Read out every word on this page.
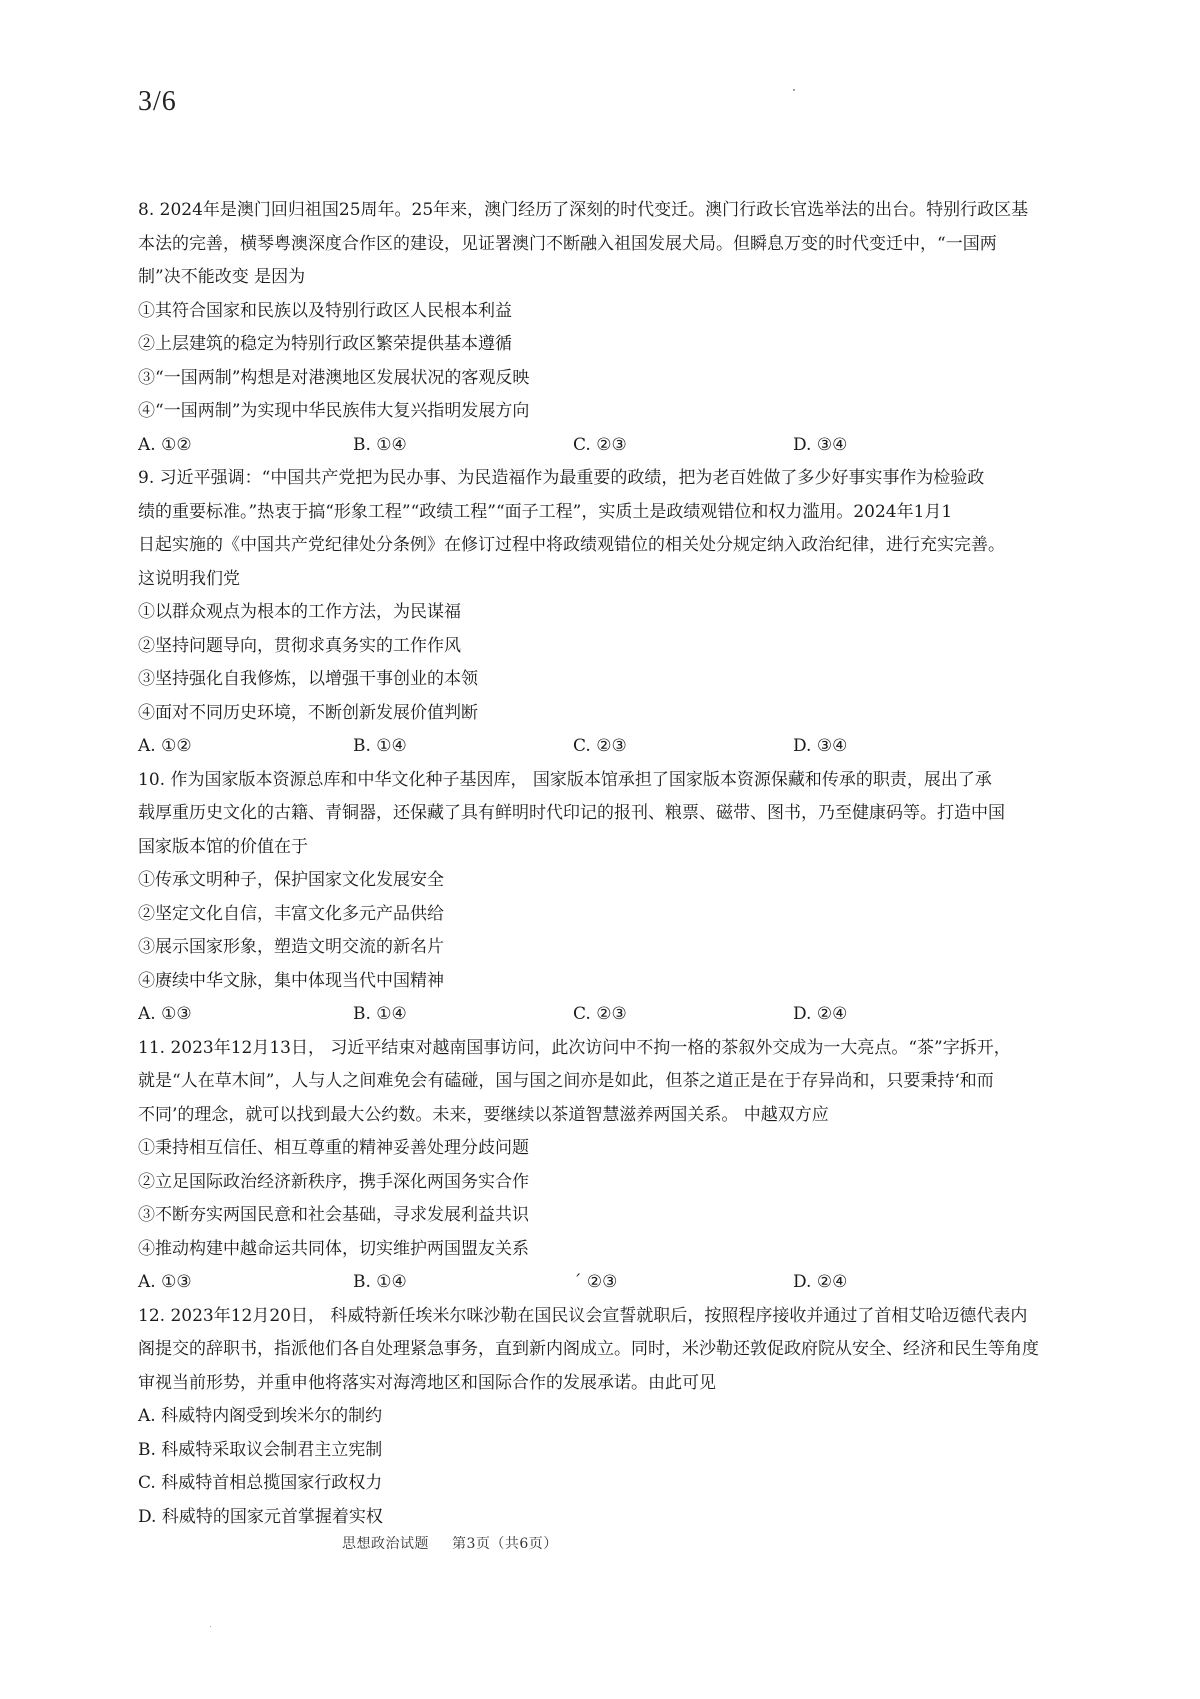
3/6

8. 2024年是澳门回归祖国25周年。25年来，澳门经历了深刻的时代变迁。澳门行政长官选举法的出台。特别行政区基

本法的完善，横琴粤澳深度合作区的建设，见证署澳门不断融入祖国发展犬局。但瞬息万变的时代变迁中，“一国两

制”决不能改变 是因为

①其符合国家和民族以及特别行政区人民根本利益

②上层建筑的稳定为特别行政区繁荣提供基本遵循

③“一国两制”构想是对港澳地区发展状况的客观反映

④“一国两制”为实现中华民族伟大复兴指明发展方向

A. ①②	B. ①④	C. ②③	D. ③④

9. 习近平强调：“中国共产党把为民办事、为民造福作为最重要的政绩，把为老百姓做了多少好事实事作为检验政

绩的重要标准。”热衷于搞“形象工程”“政绩工程”“面子工程”，实质土是政绩观错位和权力滥用。2024年1月1

日起实施的《中国共产党纪律处分条例》在修订过程中将政绩观错位的相关处分规定纳入政治纪律，进行充实完善。

这说明我们党

①以群众观点为根本的工作方法，为民谋福

②坚持问题导向，贯彻求真务实的工作作风

③坚持强化自我修炼，以增强干事创业的本领

④面对不同历史环境，不断创新发展价值判断

A. ①②	B. ①④	C. ②③	D. ③④

10. 作为国家版本资源总库和中华文化种子基因库， 国家版本馆承担了国家版本资源保藏和传承的职责，展出了承

载厚重历史文化的古籍、青铜器，还保藏了具有鲜明时代印记的报刊、粮票、磁带、图书，乃至健康码等。打造中国

国家版本馆的价值在于

①传承文明种子，保护国家文化发展安全

②坚定文化自信，丰富文化多元产品供给

③展示国家形象，塑造文明交流的新名片

④赓续中华文脉，集中体现当代中国精神

A. ①③	B. ①④	C. ②③	D. ②④

11. 2023年12月13日， 习近平结束对越南国事访问，此次访问中不拘一格的茶叙外交成为一大亮点。“茶”字拆开，

就是“人在草木间”，人与人之间难免会有磕碰，国与国之间亦是如此，但茶之道正是在于存异尚和，只要秉持‘和而

不同’的理念，就可以找到最大公约数。未来，要继续以茶道智慧滋养两国关系。 中越双方应

①秉持相互信任、相互尊重的精神妥善处理分歧问题

②立足国际政治经济新秩序，携手深化两国务实合作

③不断夯实两国民意和社会基础，寻求发展利益共识

④推动构建中越命运共同体，切实维护两国盟友关系

A. ①③	B. ①④	´ ②③	D. ②④

12. 2023年12月20日， 科威特新任埃米尔咪沙勒在国民议会宣誓就职后，按照程序接收并通过了首相艾哈迈德代表内

阁提交的辞职书，指派他们各自处理紧急事务，直到新内阁成立。同时，米沙勒还敦促政府院从安全、经济和民生等角度

审视当前形势，并重申他将落实对海湾地区和国际合作的发展承诺。由此可见

A. 科威特内阁受到埃米尔的制约

B. 科威特采取议会制君主立宪制

C. 科威特首相总揽国家行政权力

D. 科威特的国家元首掌握着实权

思想政治试题 第3页（共6页）
